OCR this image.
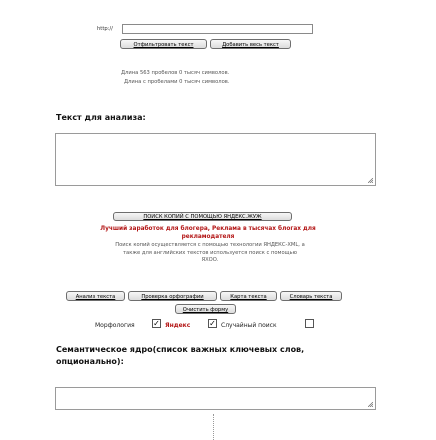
http://
Отфильтровать текст	Добавить весь текст
Длина 563 пробелов 0 тысяч символов.
Длина с пробелами 0 тысяч символов.
Текст для анализа:
ПОИСК КОПИЙ С ПОМОЩЬЮ ЯНДЕКС.ЖУЖ
Лучший заработок для блогера, Реклама в тысячах блогах для
рекламодателя
Поиск копий осуществляется с помощью технологии ЯНДЕКС-XML, а
также для английских текстов используется поиск с помощью
ЯХОО.
Анализ текста	Проверка орфографии	Карта текста	Словарь текста
Очистить форму
Морфология ✓ Яндекс ✓ Случайный поиск
Семантическое ядро(список важных ключевых слов,
опционально):
